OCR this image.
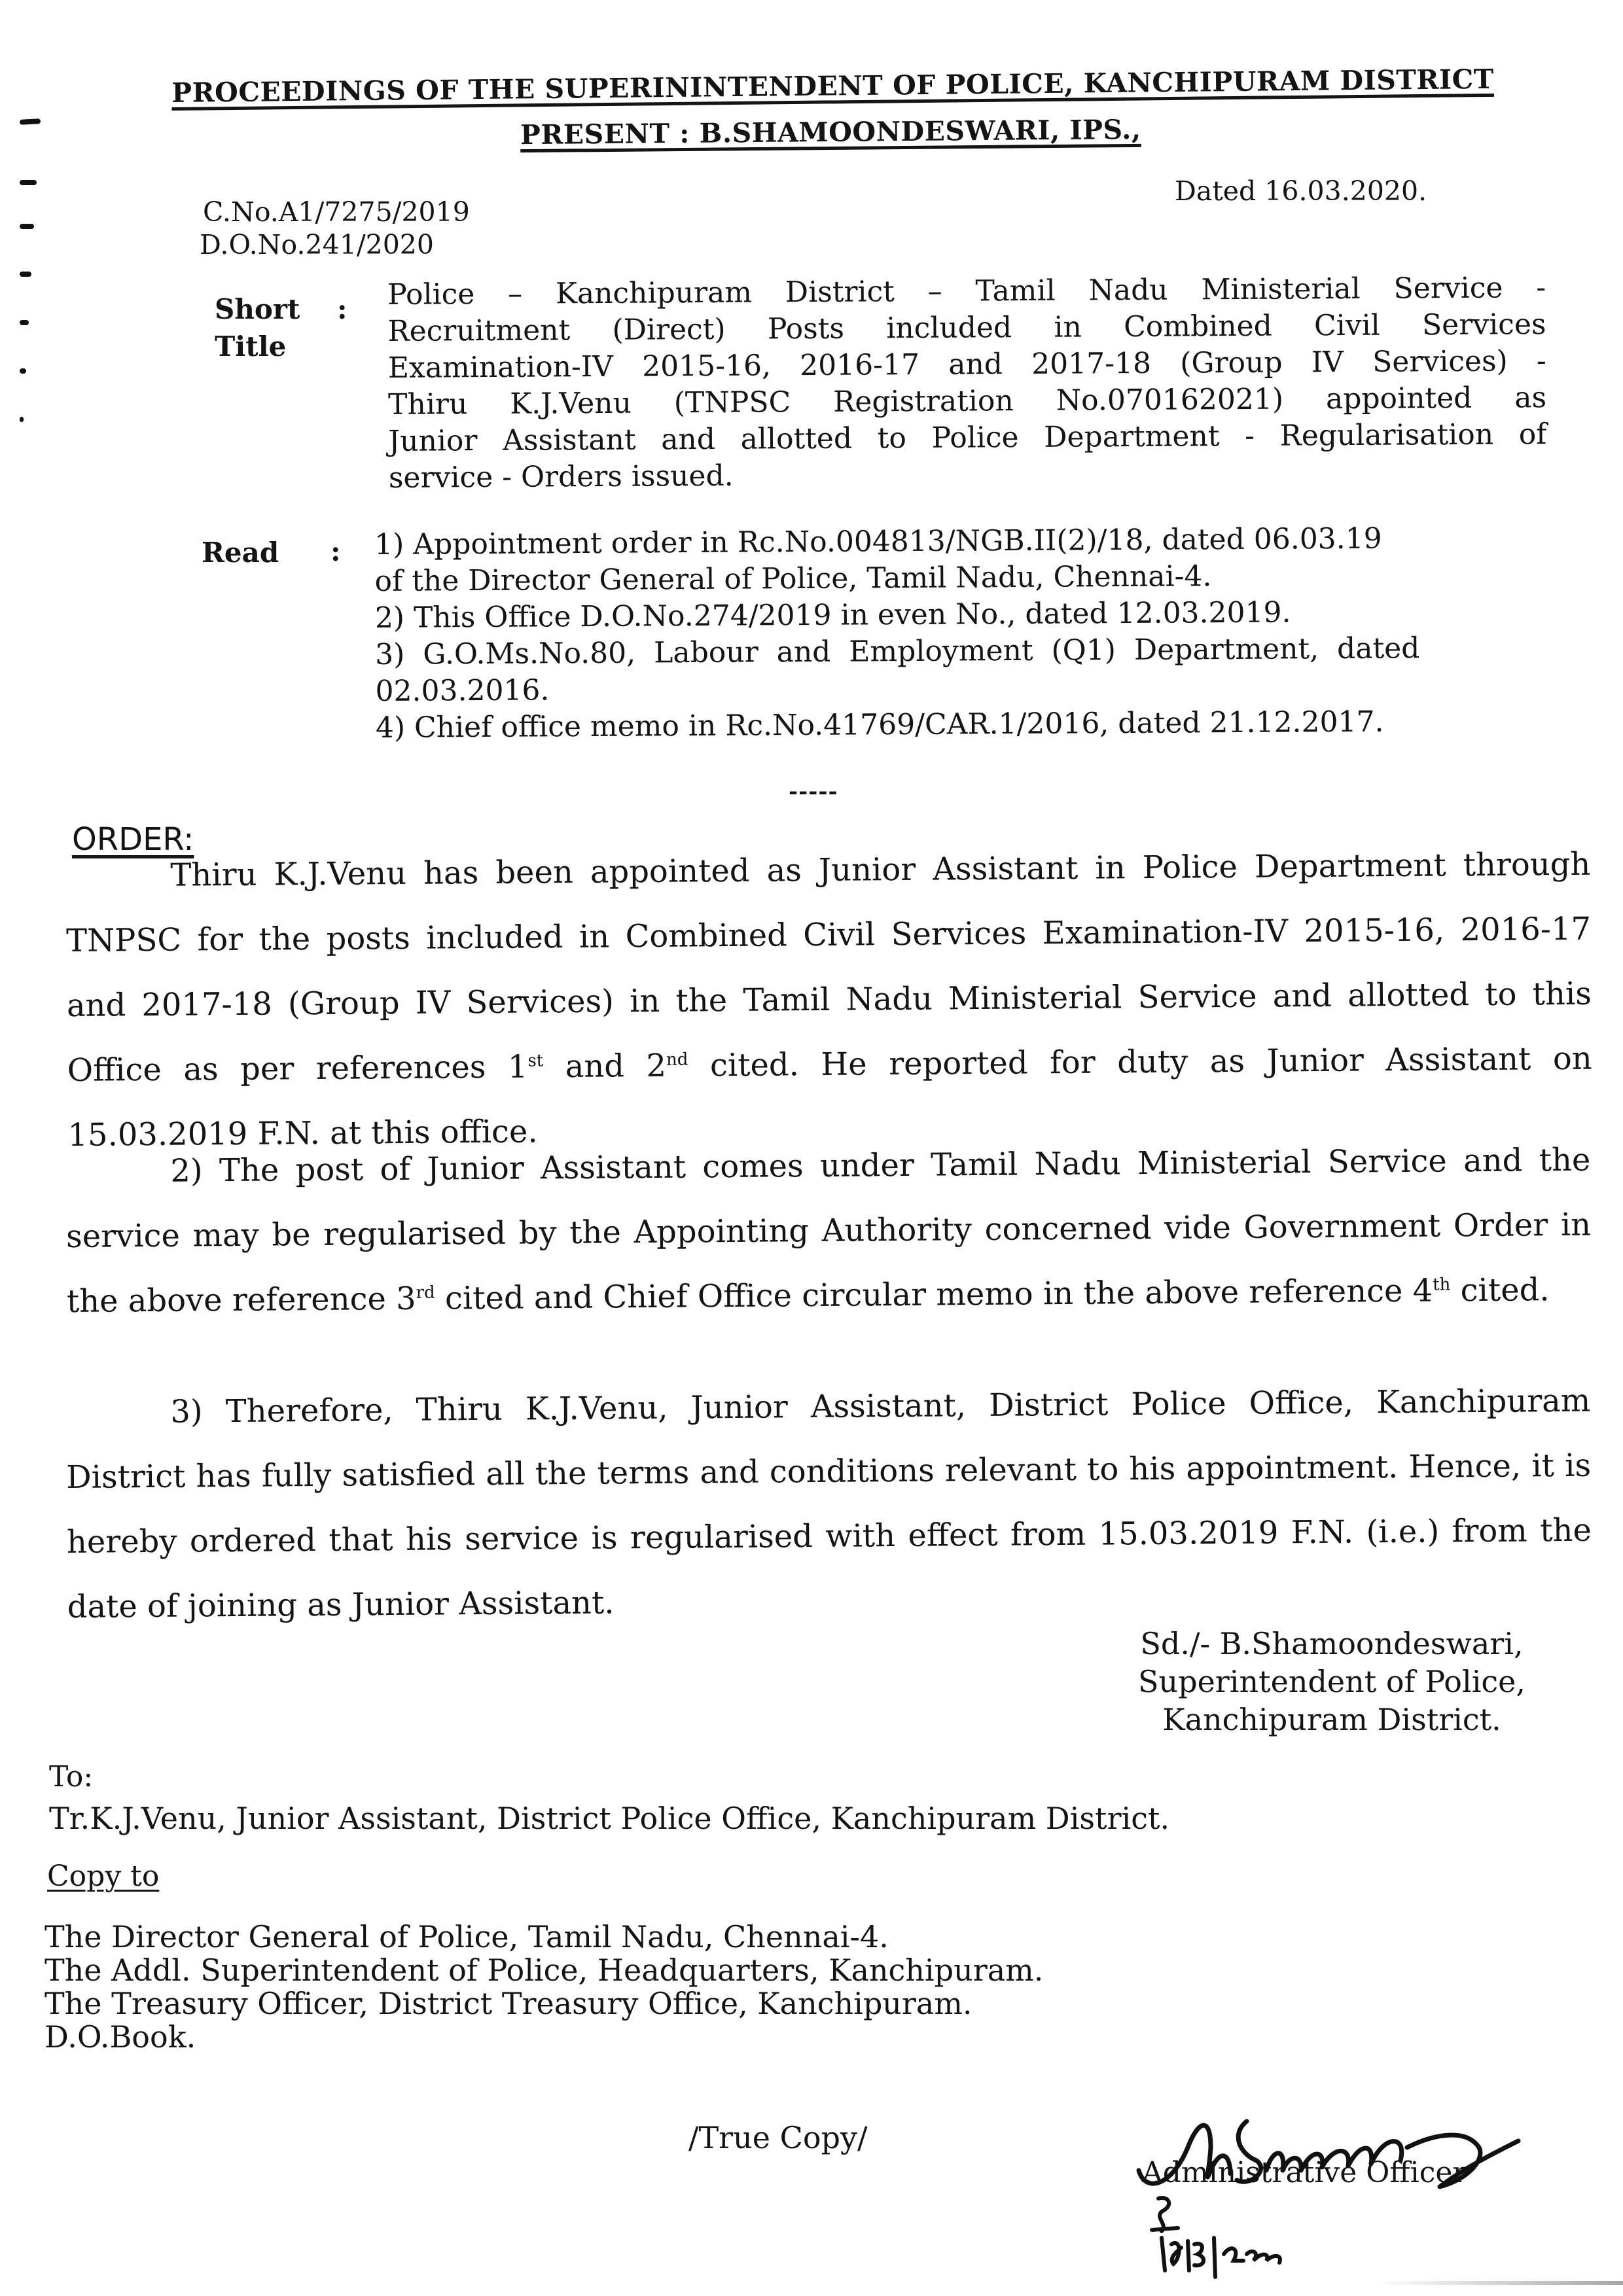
PROCEEDINGS OF THE SUPERININTENDENT OF POLICE, KANCHIPURAM DISTRICT
PRESENT : B.SHAMOONDESWARI, IPS.,
C.No.A1/7275/2019
D.O.No.241/2020
Dated 16.03.2020.
Short
Title
: Police – Kanchipuram District – Tamil Nadu Ministerial Service -
Recruitment (Direct) Posts included in Combined Civil Services
Examination-IV 2015-16, 2016-17 and 2017-18 (Group IV Services) -
Thiru K.J.Venu (TNPSC Registration No.070162021) appointed as
Junior Assistant and allotted to Police Department - Regularisation of
service - Orders issued.
Read : 1) Appointment order in Rc.No.004813/NGB.II(2)/18, dated 06.03.19
of the Director General of Police, Tamil Nadu, Chennai-4.
2) This Office D.O.No.274/2019 in even No., dated 12.03.2019.
3) G.O.Ms.No.80, Labour and Employment (Q1) Department, dated
02.03.2016.
4) Chief office memo in Rc.No.41769/CAR.1/2016, dated 21.12.2017.
-----
ORDER:
Thiru K.J.Venu has been appointed as Junior Assistant in Police Department through TNPSC for the posts included in Combined Civil Services Examination-IV 2015-16, 2016-17 and 2017-18 (Group IV Services) in the Tamil Nadu Ministerial Service and allotted to this Office as per references 1st and 2nd cited. He reported for duty as Junior Assistant on 15.03.2019 F.N. at this office.
2) The post of Junior Assistant comes under Tamil Nadu Ministerial Service and the service may be regularised by the Appointing Authority concerned vide Government Order in the above reference 3rd cited and Chief Office circular memo in the above reference 4th cited.
3) Therefore, Thiru K.J.Venu, Junior Assistant, District Police Office, Kanchipuram District has fully satisfied all the terms and conditions relevant to his appointment. Hence, it is hereby ordered that his service is regularised with effect from 15.03.2019 F.N. (i.e.) from the date of joining as Junior Assistant.
Sd./- B.Shamoondeswari,
Superintendent of Police,
Kanchipuram District.
To:
Tr.K.J.Venu, Junior Assistant, District Police Office, Kanchipuram District.
Copy to
The Director General of Police, Tamil Nadu, Chennai-4.
The Addl. Superintendent of Police, Headquarters, Kanchipuram.
The Treasury Officer, District Treasury Office, Kanchipuram.
D.O.Book.
/True Copy/
Administrative Officer
